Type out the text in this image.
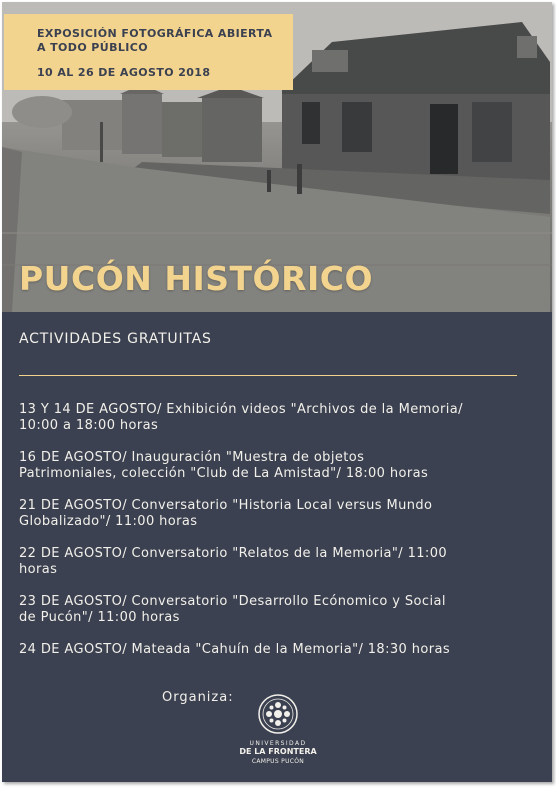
EXPOSICIÓN FOTOGRÁFICA ABIERTA
A TODO PÚBLICO
10 AL 26 DE AGOSTO 2018
PUCÓN HISTÓRICO
ACTIVIDADES GRATUITAS
13 Y 14 DE AGOSTO/ Exhibición videos "Archivos de la Memoria/
10:00 a 18:00 horas
16 DE AGOSTO/ Inauguración "Muestra de objetos
Patrimoniales, colección "Club de La Amistad"/ 18:00 horas
21 DE AGOSTO/ Conversatorio "Historia Local versus Mundo
Globalizado"/ 11:00 horas
22 DE AGOSTO/ Conversatorio "Relatos de la Memoria"/ 11:00
horas
23 DE AGOSTO/ Conversatorio "Desarrollo Ecónomico y Social
de Pucón"/ 11:00 horas
24 DE AGOSTO/ Mateada "Cahuín de la Memoria"/ 18:30 horas
Organiza:
UNIVERSIDAD
DE LA FRONTERA
CAMPUS PUCÓN
